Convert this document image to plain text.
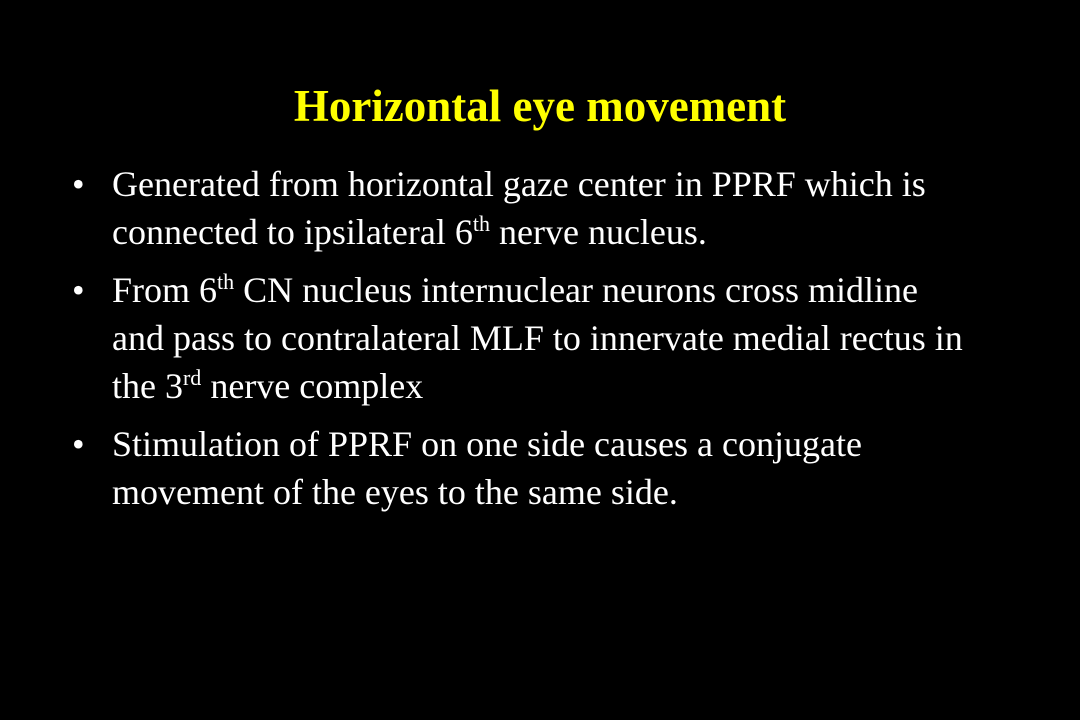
Horizontal eye movement
• Generated from horizontal gaze center in PPRF which is connected to ipsilateral 6th nerve nucleus.
• From 6th CN nucleus internuclear neurons cross midline and pass to contralateral MLF to innervate medial rectus in the 3rd nerve complex
• Stimulation of PPRF on one side causes a conjugate movement of the eyes to the same side.
